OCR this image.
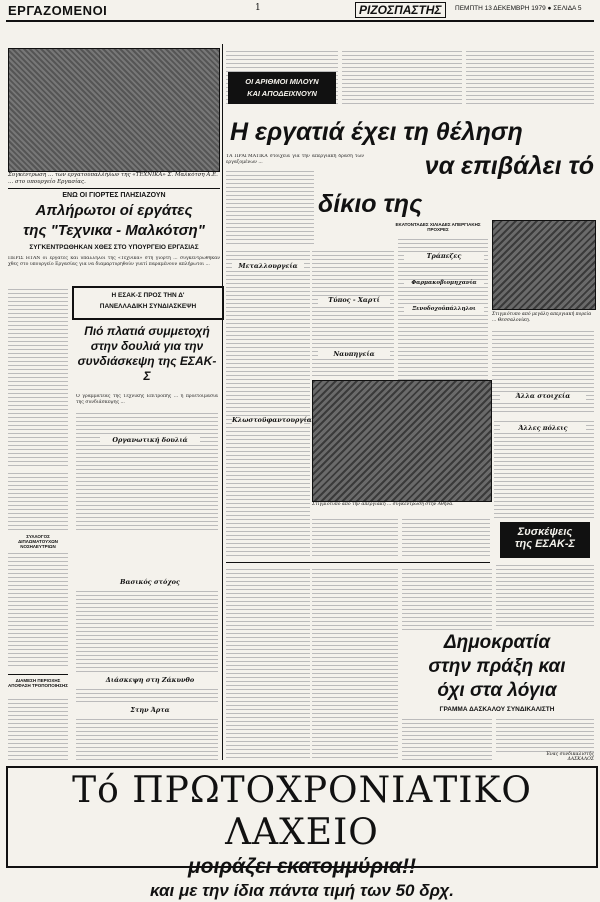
ΕΡΓΑΖΟΜΕΝΟΙ	1	ΡΙΖΟΣΠΑΣΤΗΣ	ΠΕΜΠΤΗ 13 ΔΕΚΕΜΒΡΗ 1979 ● ΣΕΛΙΔΑ 5
Συγκέντρωση ... των εργατοϋπαλλήλων της «ΤΕΧΝΙΚΑ» Σ. Μαλκότση Α.Ε. ... στο υπουργείο Εργασίας.
ΕΝΩ ΟΙ ΓΙΟΡΤΕΣ ΠΛΗΣΙΑΖΟΥΝ
Απλήρωτοι οί εργάτες
της "Τεχνικα - Μαλκότση"
ΣΥΓΚΕΝΤΡΩΘΗΚΑΝ ΧΘΕΣ ΣΤΟ ΥΠΟΥΡΓΕΙΟ ΕΡΓΑΣΙΑΣ
ΠΕΡΙΣ ΗΤΑΝ οι εργάτες και υπάλληλοι της «Τεχνικα» στη γιορτη ... συγκεντρώθηκαν χθες στο υπουργείο Εργασίας για να διαμαρτυρηθούν γιατί παραμένουν απλήρωτοι ...
Η ΕΣΑΚ-Σ ΠΡΟΣ ΤΗΝ Δ'
ΠΑΝΕΛΛΑΔΙΚΗ ΣΥΝΔΙΑΣΚΕΨΗ
Πιό πλατιά συμμετοχή στην δουλιά για την συνδιάσκεψη της ΕΣΑΚ-Σ
Ο γραμματέας της Τεχνικής Επιτροπής ... η προετοιμασία της συνδιάσκεψης ...
Οργανωτική δουλιά
Βασικός στόχος
Διάσκεψη στη Ζάκυνθο
Στην Άρτα
ΣΥΛΛΟΓΟΣ ΔΙΠΛΩΜΑΤΟΥΧΩΝ ΝΟΣΗΛΕΥΤΡΙΩΝ
ΔΙΑΜΕΣΗ ΠΕΡΙΟΧΗΣ ΑΠΟΦΑΣΗ ΤΡΟΠΟΠΟΙΗΣΗΣ
ΟΙ ΑΡΙΘΜΟΙ ΜΙΛΟΥΝ
ΚΑΙ ΑΠΟΔΕΙΧΝΟΥΝ
Η εργατιά έχει τη θέληση
να επιβάλει τό
δίκιο της
ΕΚΑΤΟΝΤΑΔΕΣ ΧΙΛΙΑΔΕΣ ΑΠΕΡΓΙΑΚΗΣ ΠΡΟΧΡΕΣ
ΤΑ ΠΡΑΓΜΑΤΙΚΑ στοιχεία για την απεργιακή δράση των εργαζομένων ...
Στιγμιότυπο από μεγάλη απεργιακή πορεία ... Θεσσαλονίκη.
Μεταλλουργεία
Τύπος - Χαρτί
Κλωστοϋφαντουργία
Ναυπηγεία
Τράπεζες
Ξενοδοχοϋπάλληλοι
Φαρμακοβιομηχανία
Άλλα στοιχεία
Στιγμιότυπο από την απεργιακή ... συγκέντρωση στην Αθήνα.
Άλλες πόλεις
Συσκέψεις
της ΕΣΑΚ-Σ
Δημοκρατία
στην πράξη και
όχι στα λόγια
ΓΡΑΜΜΑ ΔΑΣΚΑΛΟΥ ΣΥΝΔΙΚΑΛΙΣΤΗ
Ένας συνδικαλιστής ΔΑΣΚΑΛΟΣ
Τό ΠΡΩΤΟΧΡΟΝΙΑΤΙΚΟ ΛΑΧΕΙΟ
μοιράζει εκατομμύρια!!
και με την ίδια πάντα τιμή των 50 δρχ.
